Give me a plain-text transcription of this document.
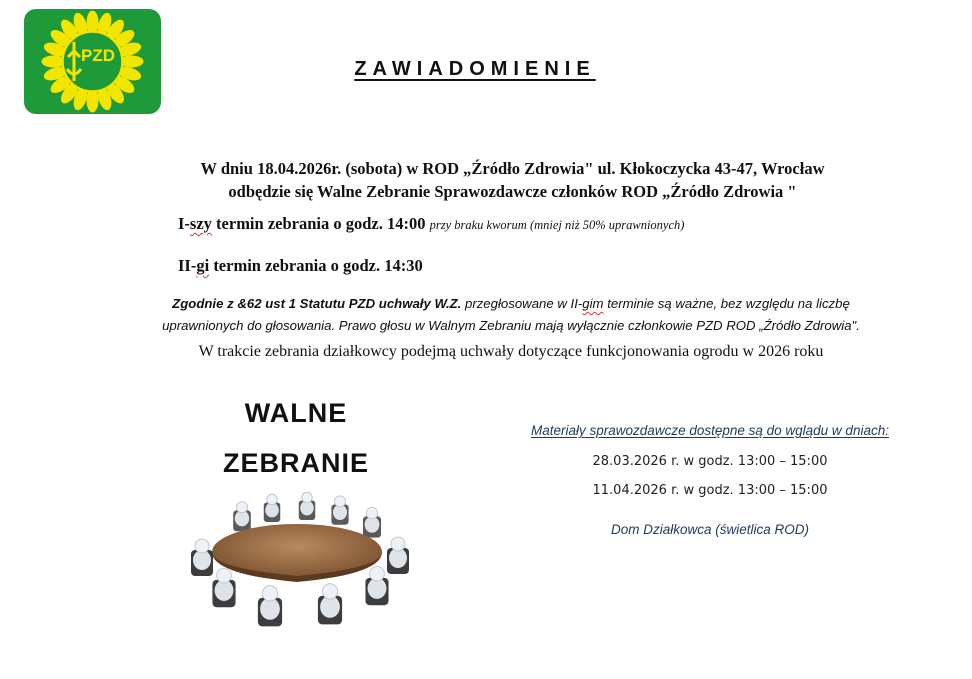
PZD
ZAWIADOMIENIE
W dniu 18.04.2026r. (sobota) w ROD „Źródło Zdrowia" ul. Kłokoczycka 43-47, Wrocław
odbędzie się Walne Zebranie Sprawozdawcze członków ROD „Źródło Zdrowia "
I-szy termin zebrania o godz. 14:00 przy braku kworum (mniej niż 50% uprawnionych)
II-gi termin zebrania o godz. 14:30
Zgodnie z &62 ust 1 Statutu PZD uchwały W.Z. przegłosowane w II-gim terminie są ważne, bez względu na liczbę
uprawnionych do głosowania. Prawo głosu w Walnym Zebraniu mają wyłącznie członkowie PZD ROD „Źródło Zdrowia".
W trakcie zebrania działkowcy podejmą uchwały dotyczące funkcjonowania ogrodu w 2026 roku
WALNE
ZEBRANIE
Materiały sprawozdawcze dostępne są do wglądu w dniach:
28.03.2026 r. w godz. 13:00 – 15:00
11.04.2026 r. w godz. 13:00 – 15:00
Dom Działkowca (świetlica ROD)
